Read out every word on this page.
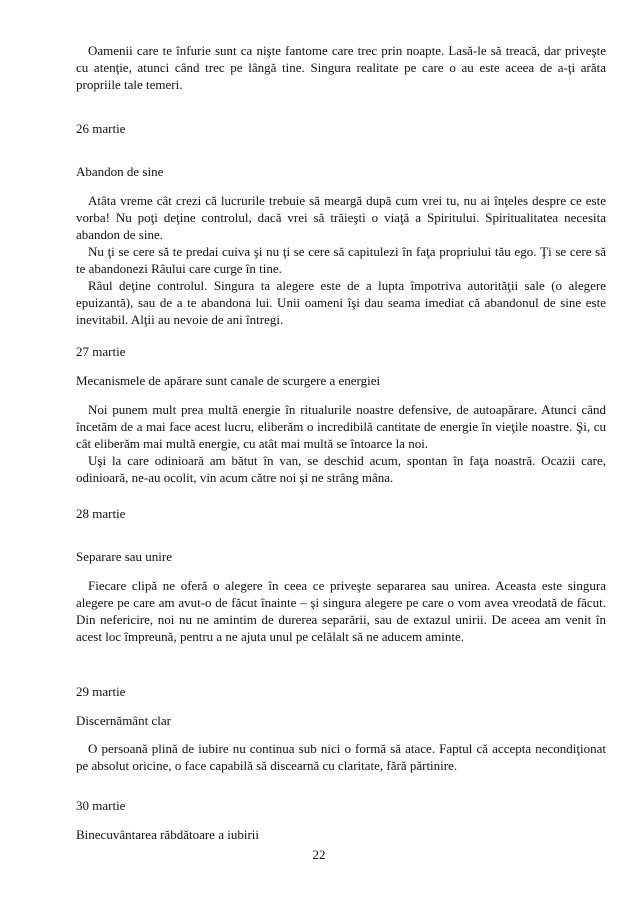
Oamenii care te înfurie sunt ca nişte fantome care trec prin noapte. Lasă-le să treacă, dar priveşte cu atenţie, atunci când trec pe lângă tine. Singura realitate pe care o au este aceea de a-ţi arăta propriile tale temeri.

26 martie

Abandon de sine

Atâta vreme cât crezi că lucrurile trebuie să meargă după cum vrei tu, nu ai înţeles despre ce este vorba! Nu poţi deţine controlul, dacă vrei să trăieşti o viaţă a Spiritului. Spiritualitatea necesita abandon de sine.

Nu ţi se cere să te predai cuiva şi nu ţi se cere să capitulezi în faţa propriului tău ego. Ţi se cere să te abandonezi Râului care curge în tine.

Râul deţine controlul. Singura ta alegere este de a lupta împotriva autorităţii sale (o alegere epuizantă), sau de a te abandona lui. Unii oameni îşi dau seama imediat că abandonul de sine este inevitabil. Alţii au nevoie de ani întregi.

27 martie

Mecanismele de apărare sunt canale de scurgere a energiei

Noi punem mult prea multă energie în ritualurile noastre defensive, de autoapărare. Atunci când încetăm de a mai face acest lucru, eliberăm o incredibilă cantitate de energie în vieţile noastre. Şi, cu cât eliberăm mai multă energie, cu atât mai multă se întoarce la noi.

Uşi la care odinioară am bătut în van, se deschid acum, spontan în faţa noastră. Ocazii care, odinioară, ne-au ocolit, vin acum către noi şi ne strâng mâna.

28 martie

Separare sau unire

Fiecare clipă ne oferă o alegere în ceea ce priveşte separarea sau unirea. Aceasta este singura alegere pe care am avut-o de făcut înainte – şi singura alegere pe care o vom avea vreodată de făcut. Din nefericire, noi nu ne amintim de durerea separării, sau de extazul unirii. De aceea am venit în acest loc împreună, pentru a ne ajuta unul pe celălalt să ne aducem aminte.

29 martie

Discernământ clar

O persoană plină de iubire nu continua sub nici o formă să atace. Faptul că accepta necondiţionat pe absolut oricine, o face capabilă să discearnă cu claritate, fără părtinire.

30 martie

Binecuvântarea răbdătoare a iubirii

22
